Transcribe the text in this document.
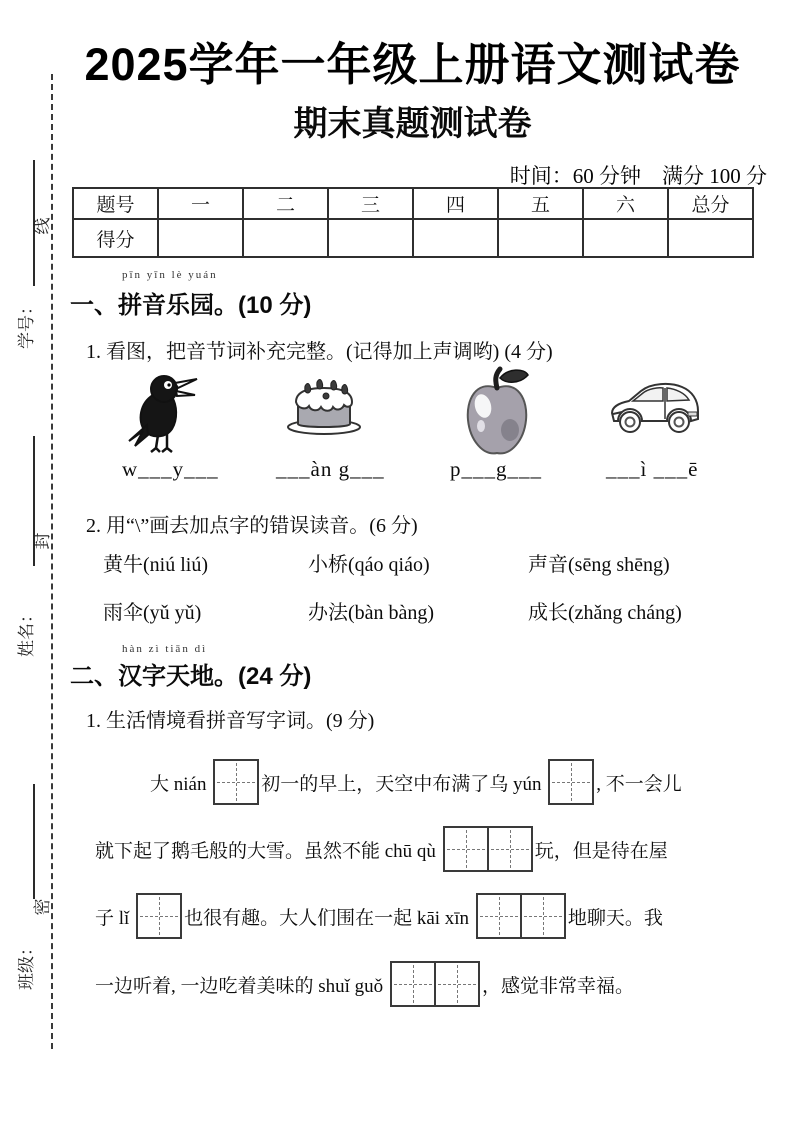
学号：
姓名：
班级：
线
封
密
2025学年一年级上册语文测试卷
期末真题测试卷
时间：60 分钟　满分 100 分
题号	一	二	三	四	五	六	总分
得分							
pīn yīn lè yuán
一、拼音乐园。(10 分)
1. 看图，把音节词补充完整。(记得加上声调哟) (4 分)
w___y___	___àn g___	p___g___	___ì ___ē
2. 用“\”画去加点字的错误读音。(6 分)
黄牛(niú liú)	小桥(qáo qiáo)	声音(sēng shēng)
雨伞(yǔ yǔ)	办法(bàn bàng)	成长(zhǎng cháng)
hàn zì tiān dì
二、汉字天地。(24 分)
1. 生活情境看拼音写字词。(9 分)
大 nián	初一的早上，天空中布满了乌 yún	, 不一会儿
就下起了鹅毛般的大雪。虽然不能 chū qù	玩，但是待在屋
子 lǐ	也很有趣。大人们围在一起 kāi xīn	地聊天。我
一边听着, 一边吃着美味的 shuǐ guǒ	，感觉非常幸福。
